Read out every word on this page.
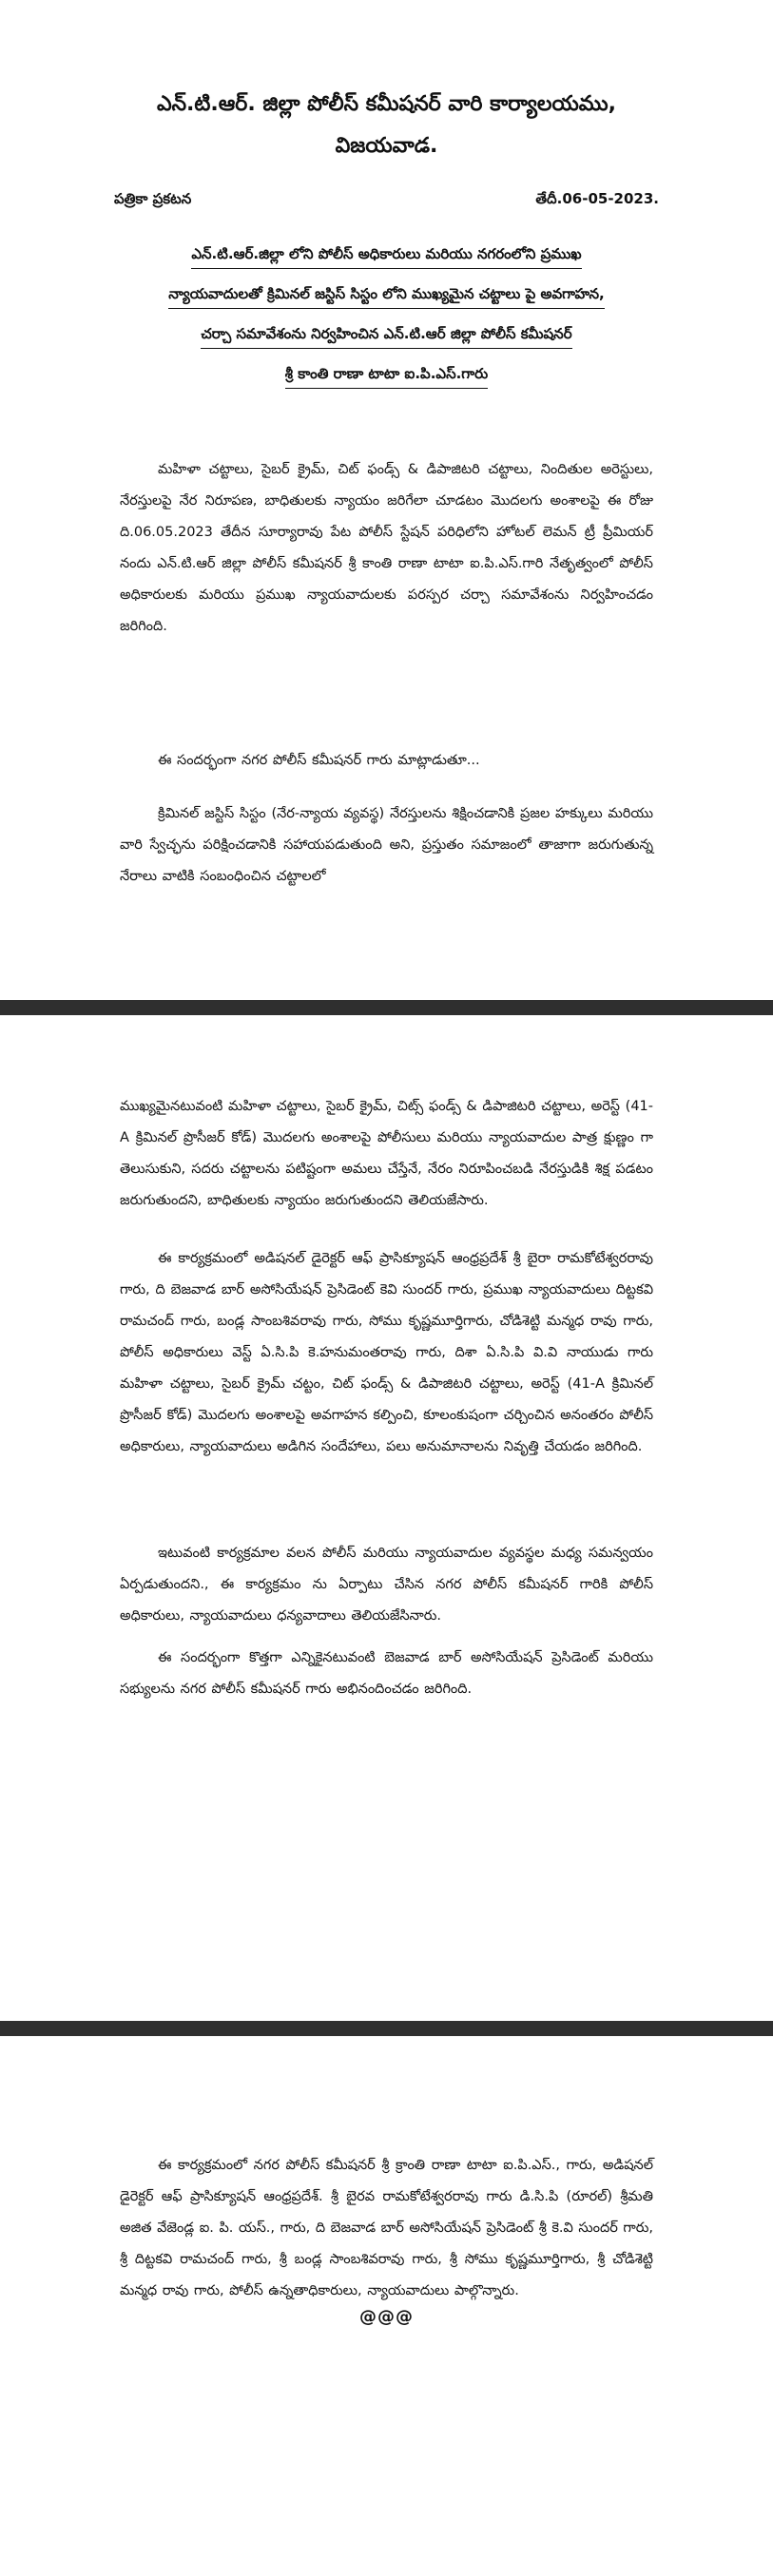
ఎన్.టి.ఆర్. జిల్లా పోలీస్ కమీషనర్ వారి కార్యాలయము,
విజయవాడ.
పత్రికా ప్రకటన	తేదీ.06-05-2023.
ఎన్.టి.ఆర్.జిల్లా లోని పోలీస్ అధికారులు మరియు నగరంలోని ప్రముఖ
న్యాయవాదులతో క్రిమినల్ జస్టిస్ సిస్టం లోని ముఖ్యమైన చట్టాలు పై అవగాహన,
చర్చా సమావేశంను నిర్వహించిన ఎన్.టి.ఆర్ జిల్లా పోలీస్ కమీషనర్
శ్రీ కాంతి రాణా టాటా ఐ.పి.ఎస్.గారు

మహిళా చట్టాలు, సైబర్ క్రైమ్, చిట్ ఫండ్స్ & డిపాజిటరి చట్టాలు, నిందితుల అరెస్టులు, నేరస్తులపై నేర నిరూపణ, బాధితులకు న్యాయం జరిగేలా చూడటం మొదలగు అంశాలపై ఈ రోజు ది.06.05.2023 తేదీన సూర్యారావు పేట పోలీస్ స్టేషన్ పరిధిలోని హోటల్ లెమన్ ట్రీ ప్రీమియర్ నందు ఎన్.టి.ఆర్ జిల్లా పోలీస్ కమీషనర్ శ్రీ కాంతి రాణా టాటా ఐ.పి.ఎస్.గారి నేతృత్వంలో పోలీస్ అధికారులకు మరియు ప్రముఖ న్యాయవాదులకు పరస్పర చర్చా సమావేశంను నిర్వహించడం జరిగింది.

ఈ సందర్భంగా నగర పోలీస్ కమీషనర్ గారు మాట్లాడుతూ...

క్రిమినల్ జస్టిస్ సిస్టం (నేర-న్యాయ వ్యవస్థ) నేరస్తులను శిక్షించడానికి ప్రజల హక్కులు మరియు వారి స్వేచ్ఛను పరిక్షించడానికి సహాయపడుతుంది అని, ప్రస్తుతం సమాజంలో తాజాగా జరుగుతున్న నేరాలు వాటికి సంబంధించిన చట్టాలలో

ముఖ్యమైనటువంటి మహిళా చట్టాలు, సైబర్ క్రైమ్, చిట్స్ ఫండ్స్ & డిపాజిటరి చట్టాలు, అరెస్ట్ (41-A క్రిమినల్ ప్రొసీజర్ కోడ్) మొదలగు అంశాలపై పోలీసులు మరియు న్యాయవాదుల పాత్ర క్షుణ్ణం గా తెలుసుకుని, సదరు చట్టాలను పటిష్టంగా అమలు చేస్తేనే, నేరం నిరూపించబడి నేరస్తుడికి శిక్ష పడటం జరుగుతుందని, బాధితులకు న్యాయం జరుగుతుందని తెలియజేసారు.

ఈ కార్యక్రమంలో అడిషనల్ డైరెక్టర్ ఆఫ్ ప్రాసిక్యూషన్ ఆంధ్రప్రదేశ్ శ్రీ బైరా రామకోటేశ్వరరావు గారు, ది బెజవాడ బార్ అసోసియేషన్ ప్రెసిడెంట్ కెవి సుందర్ గారు, ప్రముఖ న్యాయవాదులు దిట్టకవి రామచంద్ గారు, బండ్ల సాంబశివరావు గారు, సోము కృష్ణమూర్తిగారు, చోడిశెట్టి మన్మధ రావు గారు, పోలీస్ అధికారులు వెస్ట్ ఏ.సి.పి కె.హనుమంతరావు గారు, దిశా ఏ.సి.పి వి.వి నాయుడు గారు మహిళా చట్టాలు, సైబర్ క్రైమ్ చట్టం, చిట్ ఫండ్స్ & డిపాజిటరి చట్టాలు, అరెస్ట్ (41-A క్రిమినల్ ప్రొసీజర్ కోడ్) మొదలగు అంశాలపై అవగాహన కల్పించి, కూలంకుషంగా చర్చించిన అనంతరం పోలీస్ అధికారులు, న్యాయవాదులు అడిగిన సందేహాలు, పలు అనుమానాలను నివృత్తి చేయడం జరిగింది.

ఇటువంటి కార్యక్రమాల వలన పోలీస్ మరియు న్యాయవాదుల వ్యవస్థల మధ్య సమన్వయం ఏర్పడుతుందని., ఈ కార్యక్రమం ను ఏర్పాటు చేసిన నగర పోలీస్ కమీషనర్ గారికి పోలీస్ అధికారులు, న్యాయవాదులు ధన్యవాదాలు తెలియజేసినారు.

ఈ సందర్భంగా కొత్తగా ఎన్నికైనటువంటి బెజవాడ బార్ అసోసియేషన్ ప్రెసిడెంట్ మరియు సభ్యులను నగర పోలీస్ కమీషనర్ గారు అభినందించడం జరిగింది.

ఈ కార్యక్రమంలో నగర పోలీస్ కమీషనర్ శ్రీ క్రాంతి రాణా టాటా ఐ.పి.ఎస్., గారు, అడిషనల్ డైరెక్టర్ ఆఫ్ ప్రాసిక్యూషన్ ఆంధ్రప్రదేశ్. శ్రీ బైరవ రామకోటేశ్వరరావు గారు డి.సి.పి (రూరల్) శ్రీమతి అజిత వేజెండ్ల ఐ. పి. యస్., గారు, ది బెజవాడ బార్ అసోసియేషన్ ప్రెసిడెంట్ శ్రీ కె.వి సుందర్ గారు, శ్రీ దిట్టకవి రామచంద్ గారు, శ్రీ బండ్ల సాంబశివరావు గారు, శ్రీ సోము కృష్ణమూర్తిగారు, శ్రీ చోడిశెట్టి మన్మధ రావు గారు, పోలీస్ ఉన్నతాధికారులు, న్యాయవాదులు పాల్గొన్నారు.

@@@
